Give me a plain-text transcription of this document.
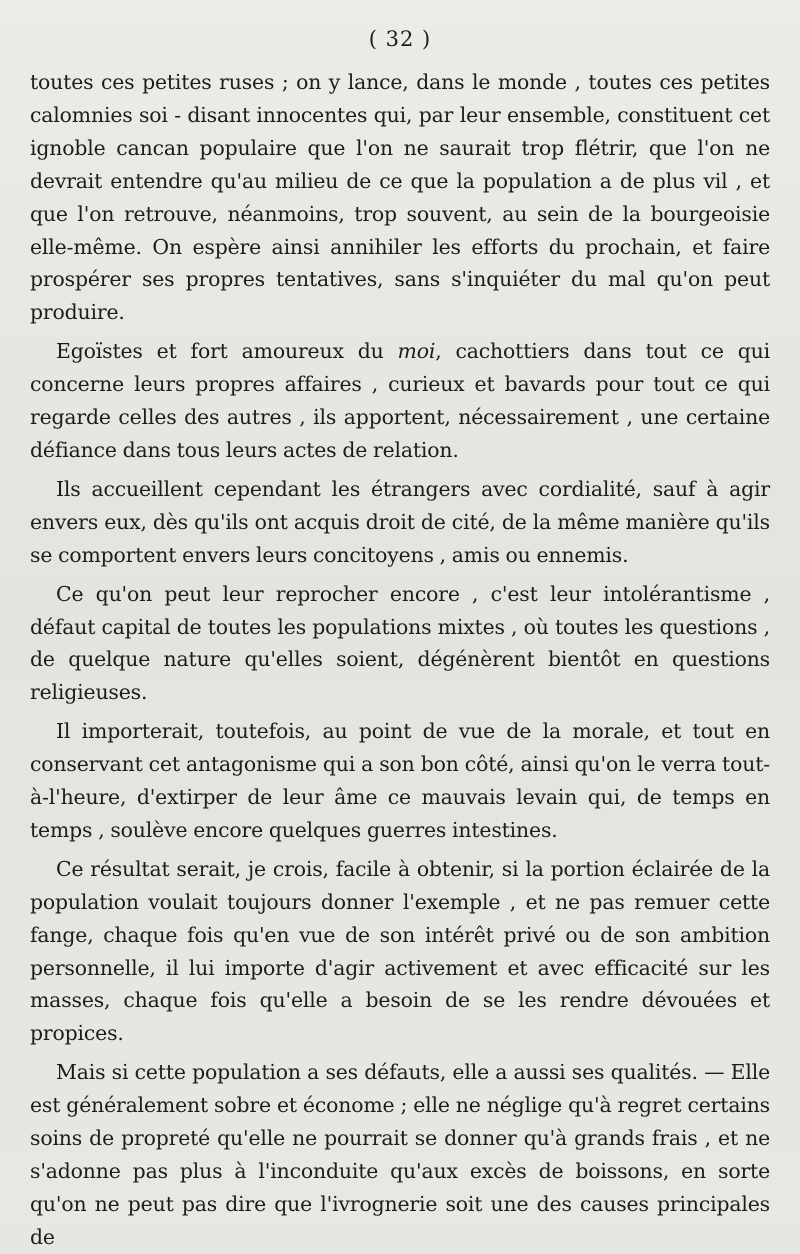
( 32 )

toutes ces petites ruses ; on y lance, dans le monde , toutes ces petites calomnies soi - disant innocentes qui, par leur ensemble, constituent cet ignoble cancan populaire que l'on ne saurait trop flétrir, que l'on ne devrait entendre qu'au milieu de ce que la population a de plus vil , et que l'on retrouve, néanmoins, trop souvent, au sein de la bourgeoisie elle-même. On espère ainsi annihiler les efforts du prochain, et faire prospérer ses propres tentatives, sans s'inquiéter du mal qu'on peut produire.

Egoïstes et fort amoureux du moi, cachottiers dans tout ce qui concerne leurs propres affaires , curieux et bavards pour tout ce qui regarde celles des autres , ils apportent, nécessairement , une certaine défiance dans tous leurs actes de relation.

Ils accueillent cependant les étrangers avec cordialité, sauf à agir envers eux, dès qu'ils ont acquis droit de cité, de la même manière qu'ils se comportent envers leurs concitoyens , amis ou ennemis.

Ce qu'on peut leur reprocher encore , c'est leur intolérantisme , défaut capital de toutes les populations mixtes , où toutes les questions , de quelque nature qu'elles soient, dégénèrent bientôt en questions religieuses.

Il importerait, toutefois, au point de vue de la morale, et tout en conservant cet antagonisme qui a son bon côté, ainsi qu'on le verra tout-à-l'heure, d'extirper de leur âme ce mauvais levain qui, de temps en temps , soulève encore quelques guerres intestines.

Ce résultat serait, je crois, facile à obtenir, si la portion éclairée de la population voulait toujours donner l'exemple , et ne pas remuer cette fange, chaque fois qu'en vue de son intérêt privé ou de son ambition personnelle, il lui importe d'agir activement et avec efficacité sur les masses, chaque fois qu'elle a besoin de se les rendre dévouées et propices.

Mais si cette population a ses défauts, elle a aussi ses qualités. — Elle est généralement sobre et économe ; elle ne néglige qu'à regret certains soins de propreté qu'elle ne pourrait se donner qu'à grands frais , et ne s'adonne pas plus à l'inconduite qu'aux excès de boissons, en sorte qu'on ne peut pas dire que l'ivrognerie soit une des causes principales de
